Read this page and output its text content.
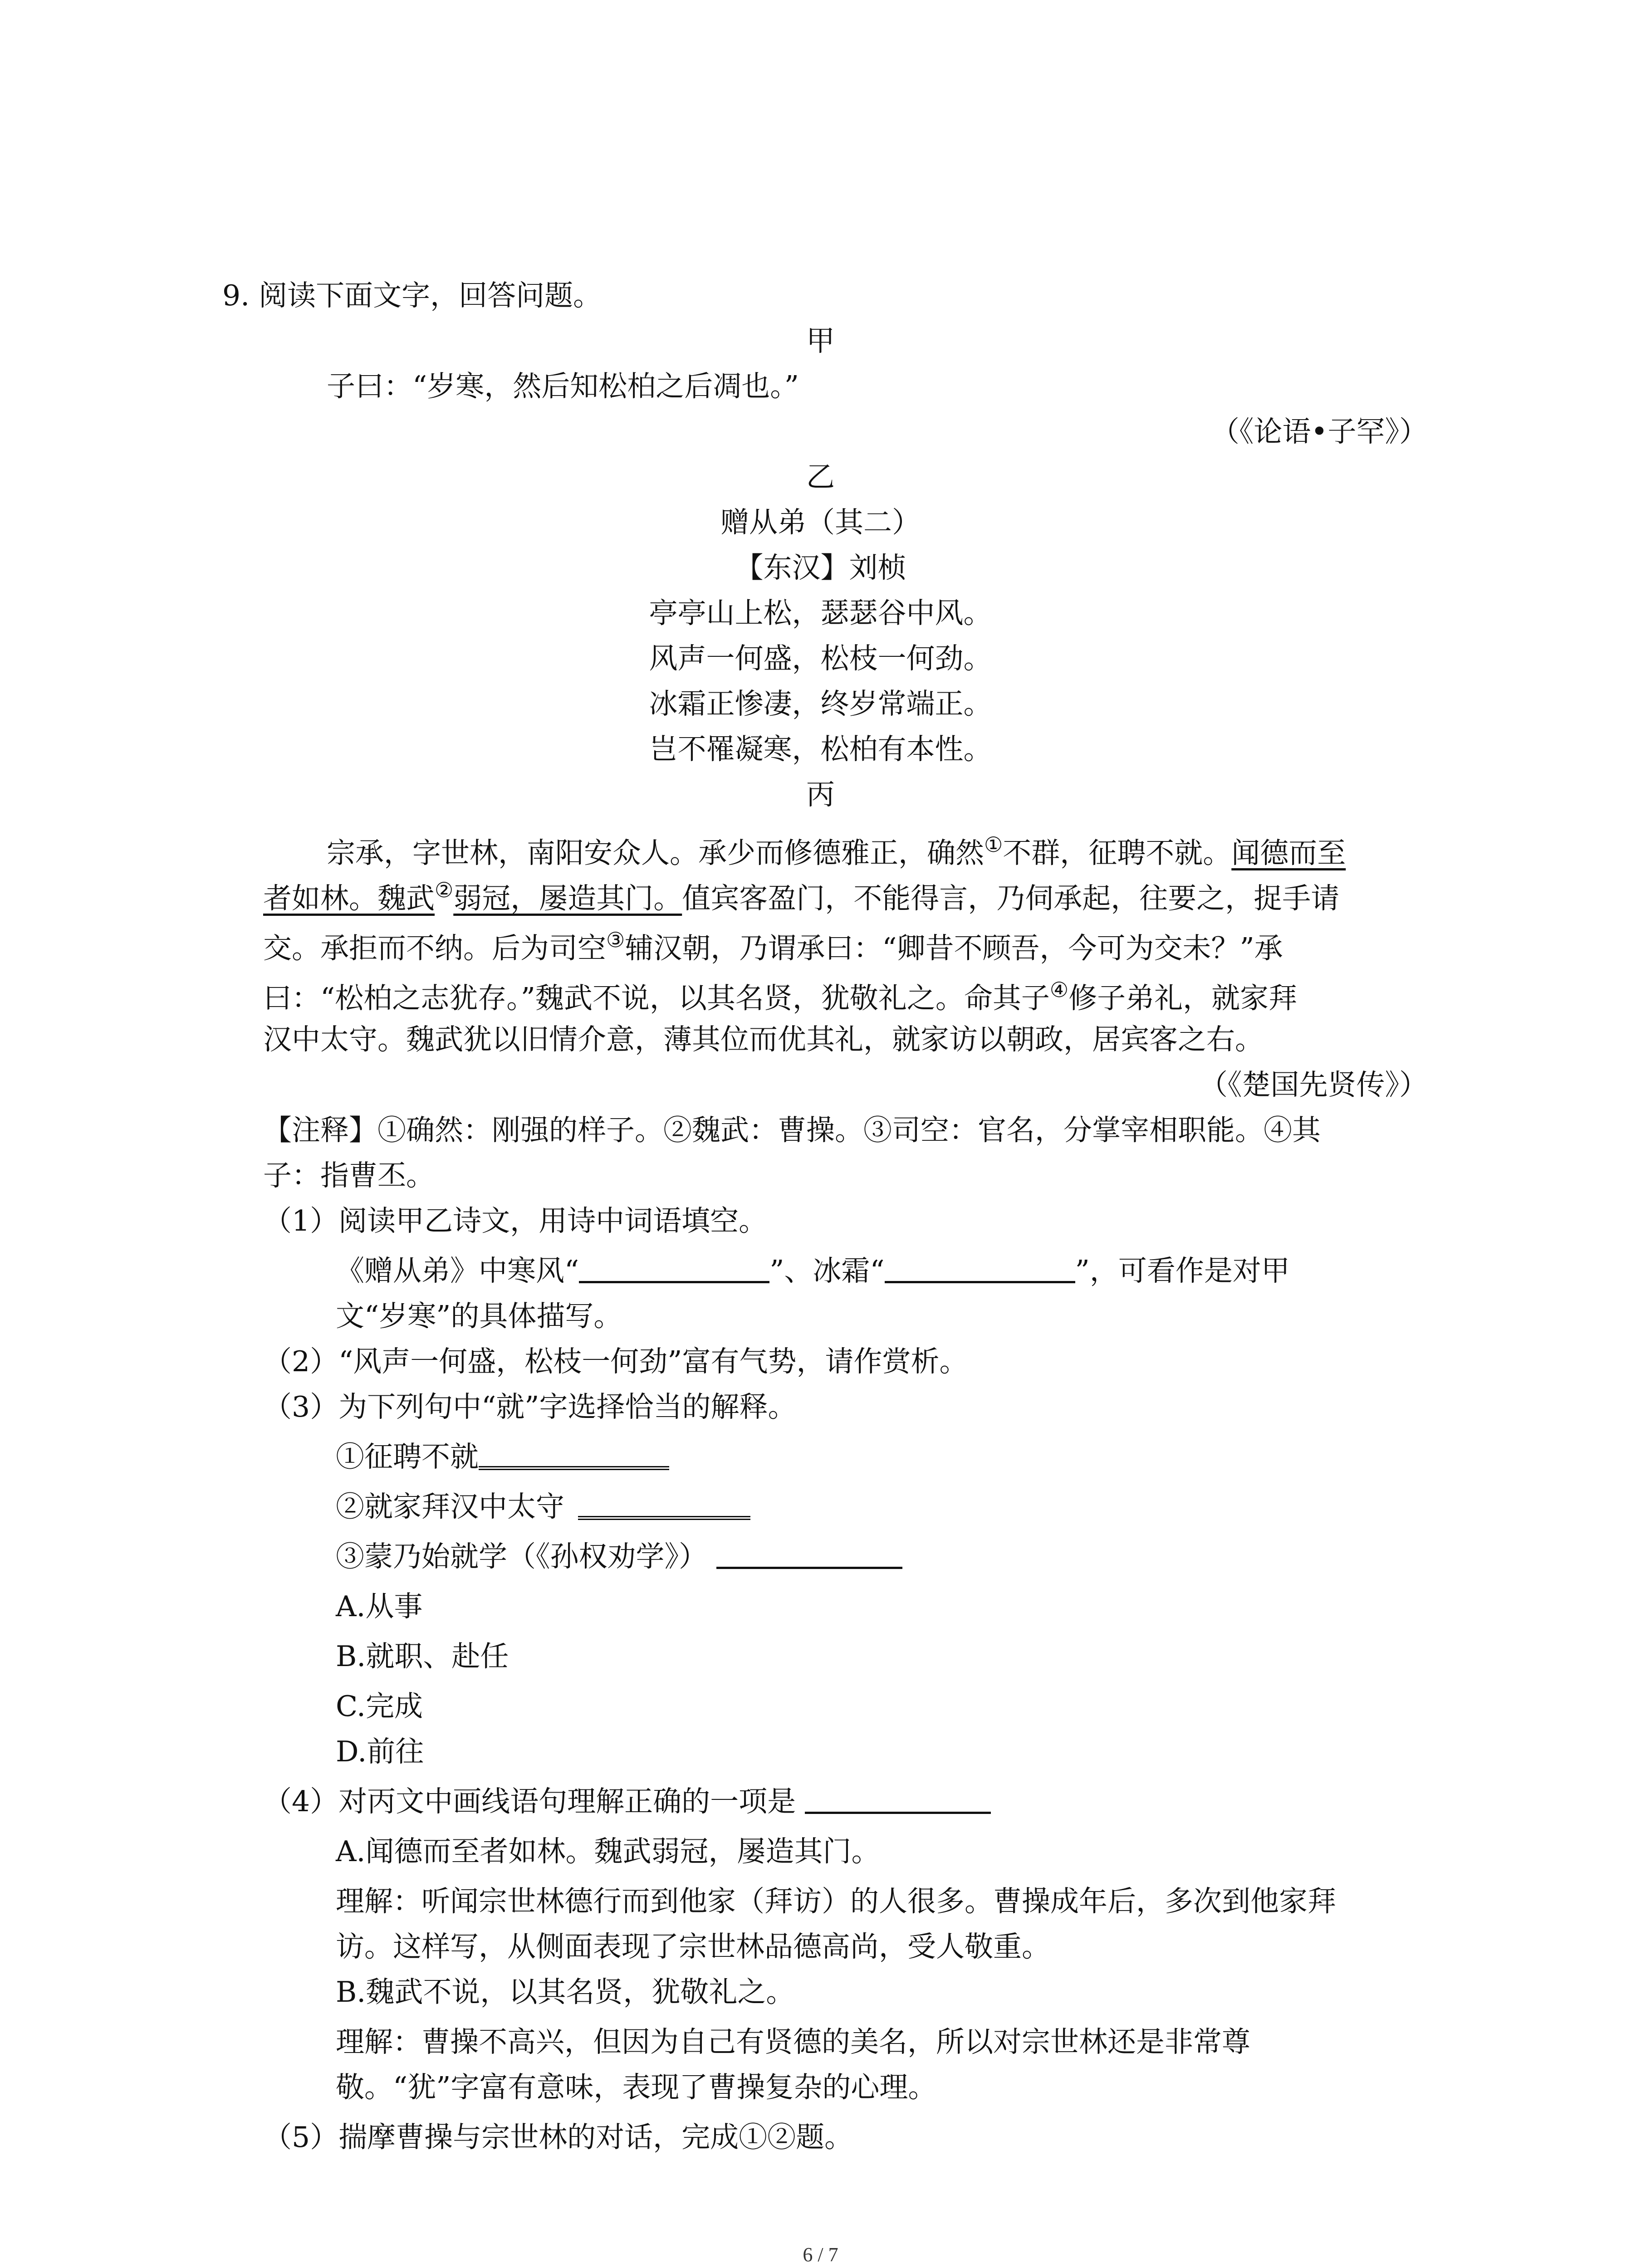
9. 阅读下面文字，回答问题。
甲
子曰：“岁寒，然后知松柏之后凋也。”
（《论语•子罕》）
乙
赠从弟（其二）
【东汉】刘桢
亭亭山上松，瑟瑟谷中风。
风声一何盛，松枝一何劲。
冰霜正惨凄，终岁常端正。
岂不罹凝寒，松柏有本性。
丙
宗承，字世林，南阳安众人。承少而修德雅正，确然①不群，征聘不就。闻德而至
者如林。魏武②弱冠，屡造其门。值宾客盈门，不能得言，乃伺承起，往要之，捉手请
交。承拒而不纳。后为司空③辅汉朝，乃谓承曰：“卿昔不顾吾，今可为交未？”承
曰：“松柏之志犹存。”魏武不说，以其名贤，犹敬礼之。命其子④修子弟礼，就家拜
汉中太守。魏武犹以旧情介意，薄其位而优其礼，就家访以朝政，居宾客之右。
（《楚国先贤传》）
【注释】①确然：刚强的样子。②魏武：曹操。③司空：官名，分掌宰相职能。④其
子：指曹丕。
（1）阅读甲乙诗文，用诗中词语填空。
《赠从弟》中寒风“	”、冰霜“	”，可看作是对甲
文“岁寒”的具体描写。
（2）“风声一何盛，松枝一何劲”富有气势，请作赏析。
（3）为下列句中“就”字选择恰当的解释。
①征聘不就
②就家拜汉中太守
③蒙乃始就学（《孙权劝学》）
A.从事
B.就职、赴任
C.完成
D.前往
（4）对丙文中画线语句理解正确的一项是
A.闻德而至者如林。魏武弱冠，屡造其门。
理解：听闻宗世林德行而到他家（拜访）的人很多。曹操成年后，多次到他家拜
访。这样写，从侧面表现了宗世林品德高尚，受人敬重。
B.魏武不说，以其名贤，犹敬礼之。
理解：曹操不高兴，但因为自己有贤德的美名，所以对宗世林还是非常尊
敬。“犹”字富有意味，表现了曹操复杂的心理。
（5）揣摩曹操与宗世林的对话，完成①②题。
6 / 7
